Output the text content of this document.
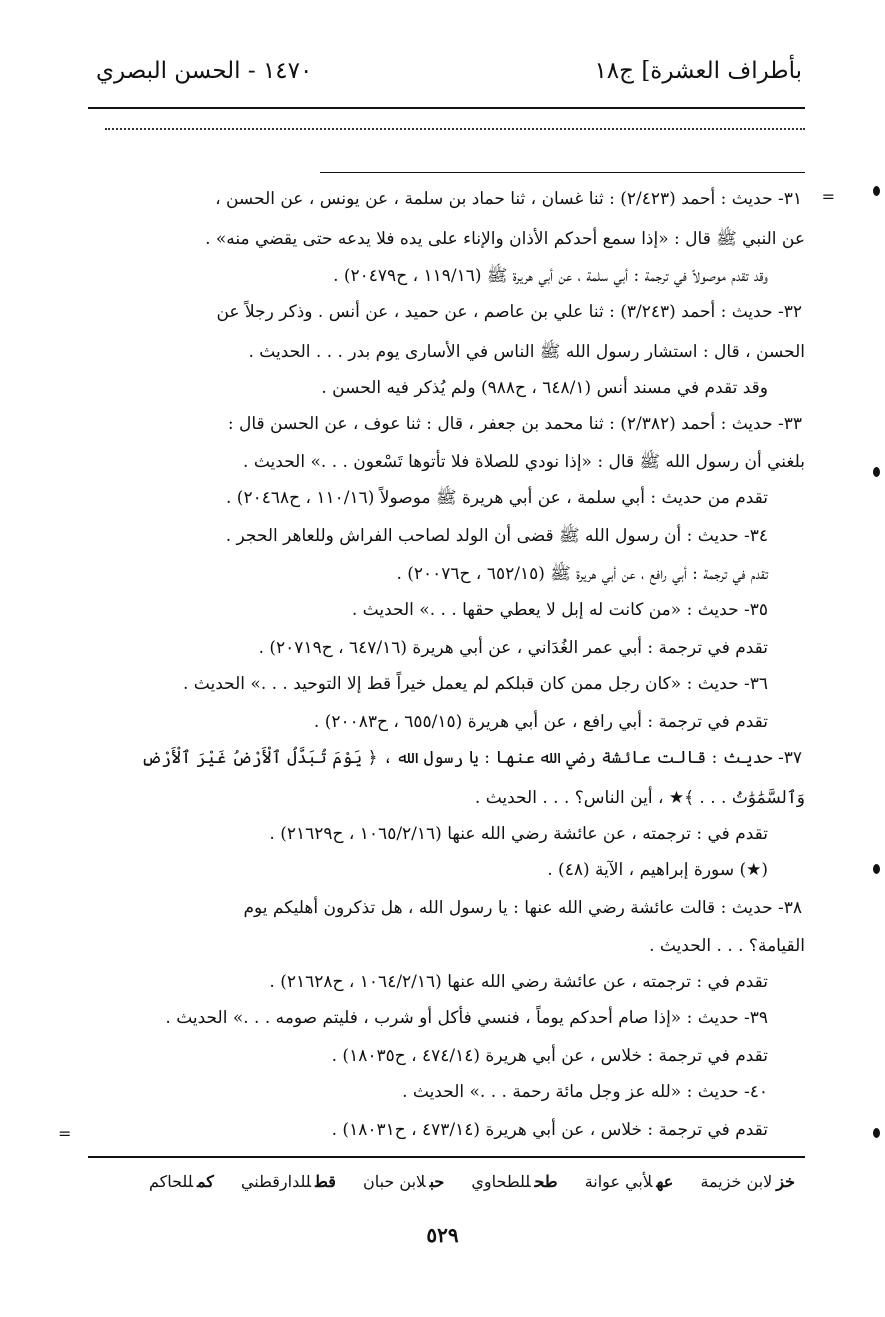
بأطراف العشرة] ج١٨
١٤٧٠ - الحسن البصري
=
=
٣١- حديث : أحمد (٢/٤٢٣) : ثنا غسان ، ثنا حماد بن سلمة ، عن يونس ، عن الحسن ،
عن النبي ﷺ قال : «إذا سمع أحدكم الأذان والإناء على يده فلا يدعه حتى يقضي منه» .
وقد تقدم موصولاً في ترجمة : أبي سلمة ، عن أبي هريرة ﷺ (١١٩/١٦ ، ح٢٠٤٧٩) .
٣٢- حديث : أحمد (٣/٢٤٣) : ثنا علي بن عاصم ، عن حميد ، عن أنس . وذكر رجلاً عن
الحسن ، قال : استشار رسول الله ﷺ الناس في الأسارى يوم بدر . . . الحديث .
وقد تقدم في مسند أنس (٦٤٨/١ ، ح٩٨٨) ولم يُذكر فيه الحسن .
٣٣- حديث : أحمد (٢/٣٨٢) : ثنا محمد بن جعفر ، قال : ثنا عوف ، عن الحسن قال :
بلغني أن رسول الله ﷺ قال : «إذا نودي للصلاة فلا تأتوها تَسْعون . . .» الحديث .
تقدم من حديث : أبي سلمة ، عن أبي هريرة ﷺ موصولاً (١١٠/١٦ ، ح٢٠٤٦٨) .
٣٤- حديث : أن رسول الله ﷺ قضى أن الولد لصاحب الفراش وللعاهر الحجر .
تقدم في ترجمة : أبي رافع ، عن أبي هريرة ﷺ (٦٥٢/١٥ ، ح٢٠٠٧٦) .
٣٥- حديث : «من كانت له إبل لا يعطي حقها . . .» الحديث .
تقدم في ترجمة : أبي عمر الغُدَاني ، عن أبي هريرة (٦٤٧/١٦ ، ح٢٠٧١٩) .
٣٦- حديث : «كان رجل ممن كان قبلكم لم يعمل خيراً قط إلا التوحيد . . .» الحديث .
تقدم في ترجمة : أبي رافع ، عن أبي هريرة (٦٥٥/١٥ ، ح٢٠٠٨٣) .
٣٧- حديث : قالت عائشة رضي الله عنها : يا رسول الله ، ﴿ يَوْمَ تُبَدَّلُ ٱلْأَرْضُ غَيْرَ ٱلْأَرْضِ
وَٱلسَّمَٰوَٰتُ . . . ﴾★ ، أين الناس؟ . . . الحديث .
تقدم في : ترجمته ، عن عائشة رضي الله عنها (١٠٦٥/٢/١٦ ، ح٢١٦٢٩) .
(★) سورة إبراهيم ، الآية (٤٨) .
٣٨- حديث : قالت عائشة رضي الله عنها : يا رسول الله ، هل تذكرون أهليكم يوم
القيامة؟ . . . الحديث .
تقدم في : ترجمته ، عن عائشة رضي الله عنها (١٠٦٤/٢/١٦ ، ح٢١٦٢٨) .
٣٩- حديث : «إذا صام أحدكم يوماً ، فنسي فأكل أو شرب ، فليتم صومه . . .» الحديث .
تقدم في ترجمة : خلاس ، عن أبي هريرة (٤٧٤/١٤ ، ح١٨٠٣٥) .
٤٠- حديث : «لله عز وجل مائة رحمة . . .» الحديث .
تقدم في ترجمة : خلاس ، عن أبي هريرة (٤٧٣/١٤ ، ح١٨٠٣١) .
خزلابن خزيمة عهلأبي عوانة طحللطحاوي حبلابن حبان قطللدارقطني كمللحاكم
٥٢٩
